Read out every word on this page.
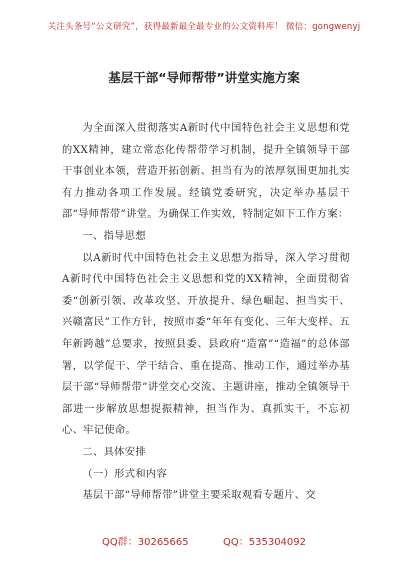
关注头条号“公文研究”，获得最新最全最专业的公文资料库！ 微信：gongwenyj
基层干部“导师帮带”讲堂实施方案

为全面深入贯彻落实A新时代中国特色社会主义思想和党的XX精神，建立常态化传帮带学习机制，提升全镇领导干部干事创业本领，营造开拓创新、担当有为的浓厚氛围更加扎实有力推动各项工作发展。经镇党委研究，决定举办基层干部“导师帮带”讲堂。为确保工作实效，特制定如下工作方案：

一、指导思想

以A新时代中国特色社会主义思想为指导，深入学习贯彻A新时代中国特色社会主义思想和党的XX精神，全面贯彻省委“创新引领、改革攻坚、开放提升、绿色崛起、担当实干、兴赣富民”工作方针，按照市委“年年有变化、三年大变样、五年新跨越”总要求，按照县委、县政府“造富”“造福”的总体部署，以学促干、学干结合、重在提高、推动工作，通过举办基层干部“导师帮带”讲堂交心交流、主题讲座，推动全镇领导干部进一步解放思想提振精神，担当作为、真抓实干，不忘初心、牢记使命。

二、具体安排

（一）形式和内容

基层干部“导师帮带”讲堂主要采取观看专题片、交

QQ群：30265665	QQ：535304092
